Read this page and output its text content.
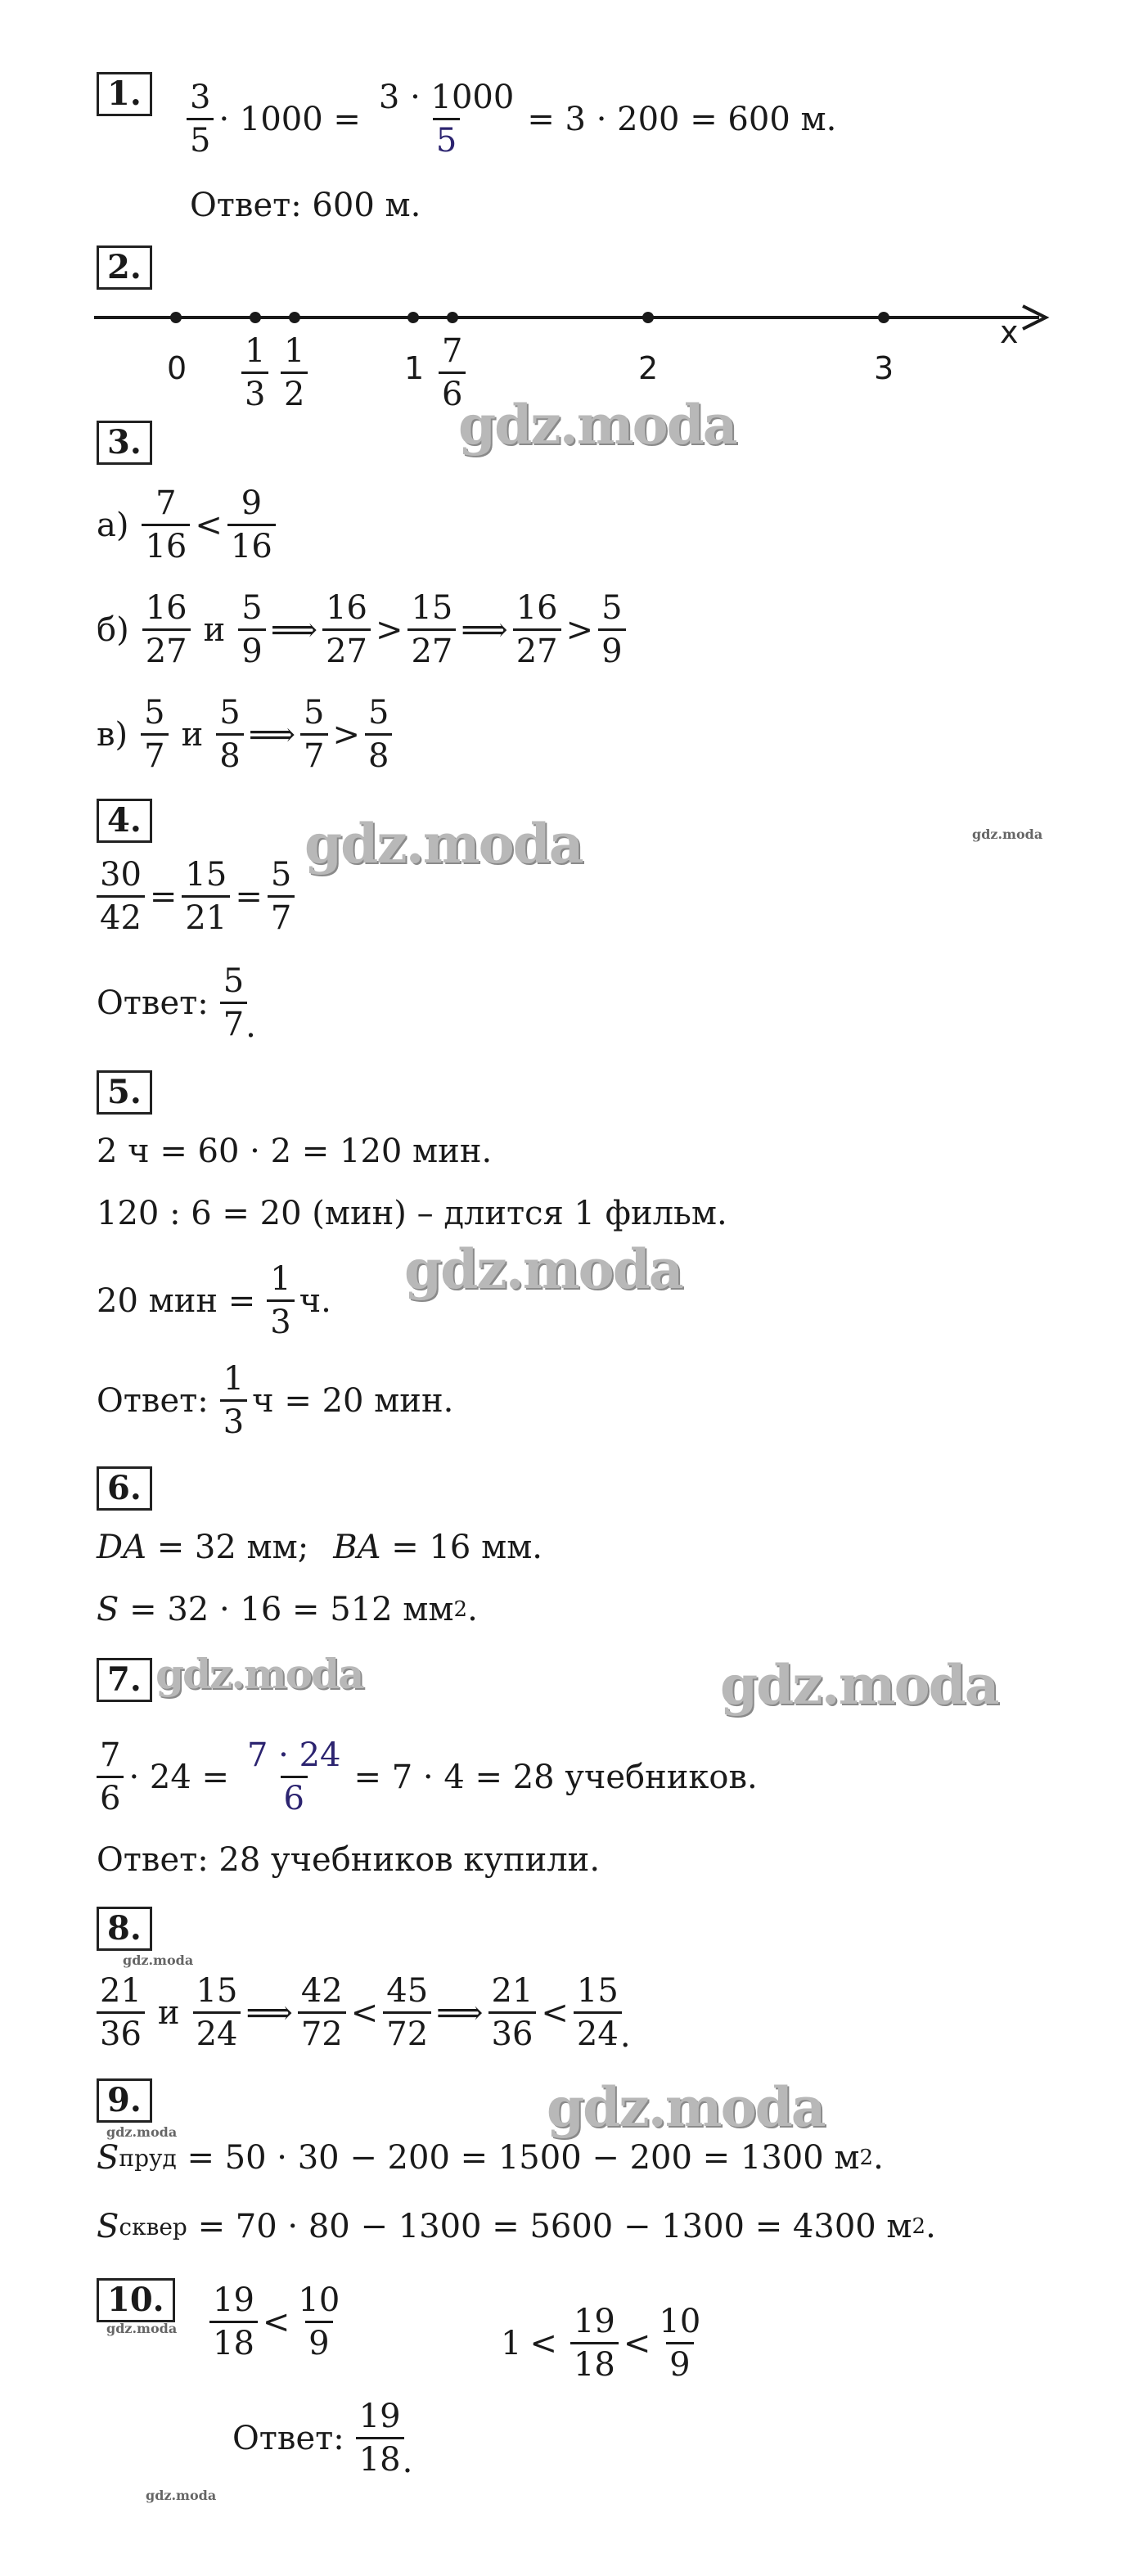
1.	$\frac{3}{5} \cdot 1000 = \frac{3 \cdot 1000}{5} = 3 \cdot 200 = 600$ м.
Ответ: 600 м.
2.
x
0	1	2	3
$\frac{1}{3} \frac{1}{2}$	$\frac{7}{6}$
gdz.moda
3.
$а) \frac{7}{16} < \frac{9}{16}$
$б) \frac{16}{27}$ и $\frac{5}{9}$ ⟹ $\frac{16}{27} > \frac{15}{27}$ ⟹ $\frac{16}{27} > \frac{5}{9}$
$в) \frac{5}{7}$ и $\frac{5}{8}$ ⟹ $\frac{5}{7} > \frac{5}{8}$
4.	gdz.moda	gdz.moda
$\frac{30}{42} = \frac{15}{21} = \frac{5}{7}$
Ответ: $\frac{5}{7}$
.
5.
2 ч = 60 · 2 = 120 мин.
120 : 6 = 20 (мин) – длится 1 фильм.
gdz.moda
20 мин = $\frac{1}{3} ч$.
Ответ: $\frac{1}{3}$ ч = 20 мин.
6.
DA
= 32 мм; BA
= 16 мм.
S
= 32 · 16 = 512 мм 2 .
7. gdz.moda	gdz.moda
$\frac{7}{6} \cdot 24 = \frac{7 \cdot 24}{6} = 7 \cdot 4 = 28$ учебников.
Ответ: 28 учебников купили.
8.
gdz.moda
$\frac{21}{36}$ и $\frac{15}{24}$ ⟹ $\frac{42}{72} < \frac{45}{72}$ ⟹ $\frac{21}{36} < \frac{15}{24}$
.
9.	gdz.moda
gdz.moda
S пруд
= 50 · 30 − 200 = 1500 − 200 = 1300 м 2 .
S сквер
= 70 · 80 − 1300 = 5600 − 1300 = 4300 м 2 .
10.
gdz.moda $\frac{19}{18} < \frac{10}{9}$	$1 < \frac{19}{18} < \frac{10}{9}$
Ответ: $\frac{19}{18}$
.
gdz.moda
